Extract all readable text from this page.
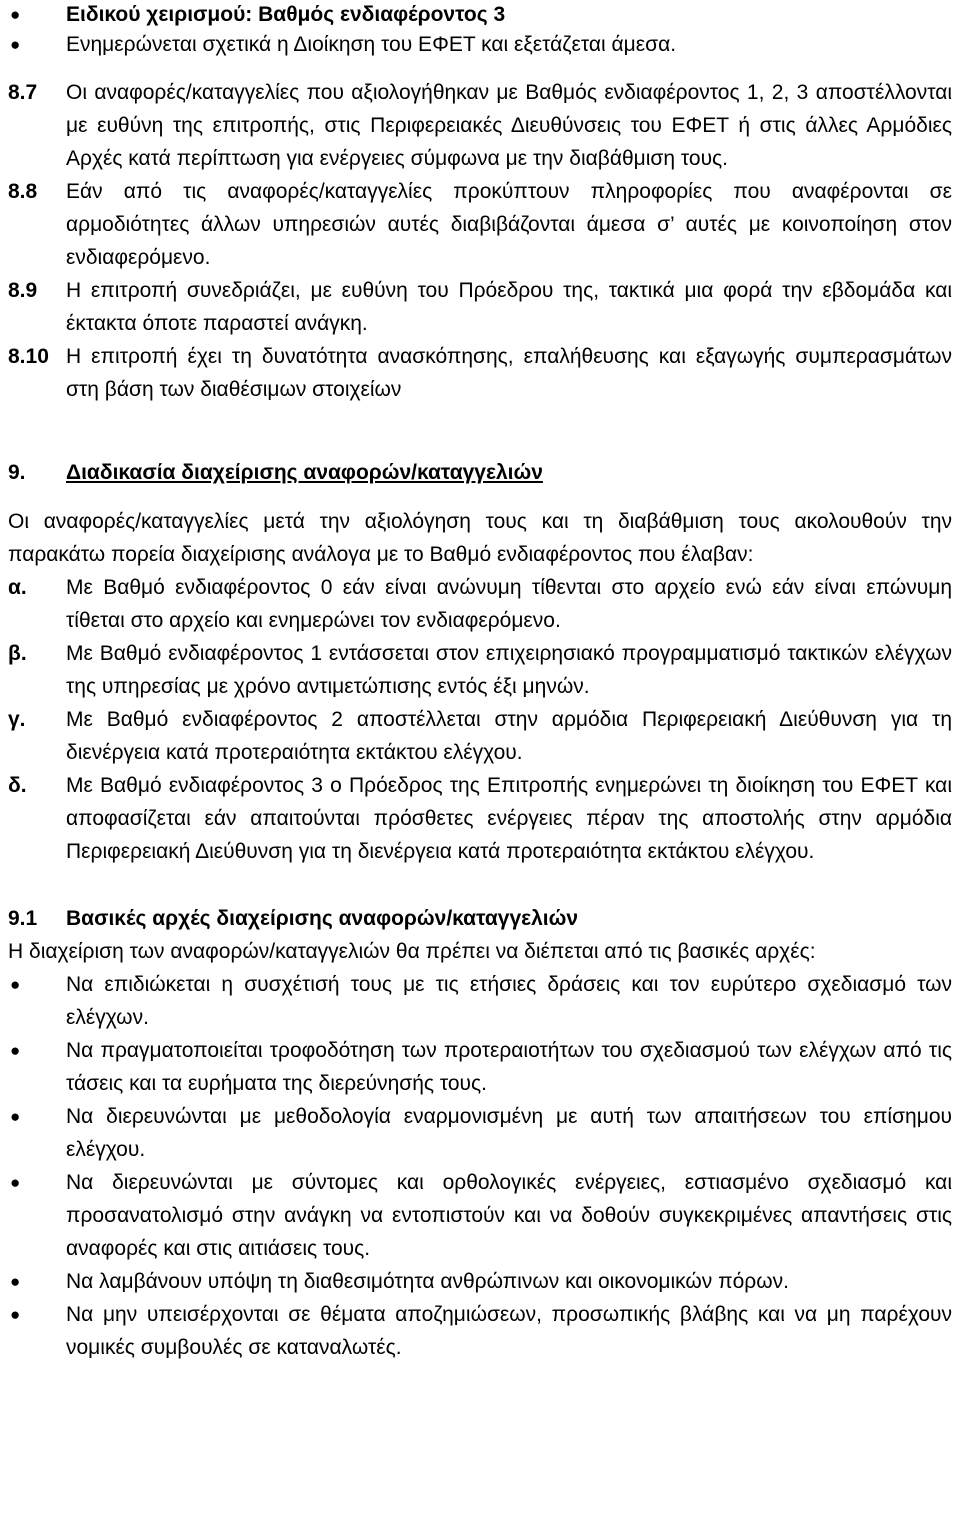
●	Ειδικού χειρισμού: Βαθμός ενδιαφέροντος 3
●	Ενημερώνεται σχετικά η Διοίκηση του ΕΦΕΤ και εξετάζεται άμεσα.
8.7	Οι αναφορές/καταγγελίες που αξιολογήθηκαν με Βαθμός ενδιαφέροντος 1, 2, 3 αποστέλλονται με ευθύνη της επιτροπής, στις Περιφερειακές Διευθύνσεις του ΕΦΕΤ ή στις άλλες Αρμόδιες Αρχές κατά περίπτωση για ενέργειες σύμφωνα με την διαβάθμιση τους.
8.8	Εάν από τις αναφορές/καταγγελίες προκύπτουν πληροφορίες που αναφέρονται σε αρμοδιότητες άλλων υπηρεσιών αυτές διαβιβάζονται άμεσα σ’ αυτές με κοινοποίηση στον ενδιαφερόμενο.
8.9	Η επιτροπή συνεδριάζει, με ευθύνη του Πρόεδρου της, τακτικά μια φορά την εβδομάδα και έκτακτα όποτε παραστεί ανάγκη.
8.10 Η επιτροπή έχει τη δυνατότητα ανασκόπησης, επαλήθευσης και εξαγωγής συμπερασμάτων στη βάση των διαθέσιμων στοιχείων
9.	Διαδικασία διαχείρισης αναφορών/καταγγελιών
Οι αναφορές/καταγγελίες μετά την αξιολόγηση τους και τη διαβάθμιση τους ακολουθούν την παρακάτω πορεία διαχείρισης ανάλογα με το Βαθμό ενδιαφέροντος που έλαβαν:
α.	Με Βαθμό ενδιαφέροντος 0 εάν είναι ανώνυμη τίθενται στο αρχείο ενώ εάν είναι επώνυμη τίθεται στο αρχείο και ενημερώνει τον ενδιαφερόμενο.
β.	Με Βαθμό ενδιαφέροντος 1 εντάσσεται στον επιχειρησιακό προγραμματισμό τακτικών ελέγχων της υπηρεσίας με χρόνο αντιμετώπισης εντός έξι μηνών.
γ.	Με Βαθμό ενδιαφέροντος 2 αποστέλλεται στην αρμόδια Περιφερειακή Διεύθυνση για τη διενέργεια κατά προτεραιότητα εκτάκτου ελέγχου.
δ.	Με Βαθμό ενδιαφέροντος 3 ο Πρόεδρος της Επιτροπής ενημερώνει τη διοίκηση του ΕΦΕΤ και αποφασίζεται εάν απαιτούνται πρόσθετες ενέργειες πέραν της αποστολής στην αρμόδια Περιφερειακή Διεύθυνση για τη διενέργεια κατά προτεραιότητα εκτάκτου ελέγχου.
9.1	Βασικές αρχές διαχείρισης αναφορών/καταγγελιών
Η διαχείριση των αναφορών/καταγγελιών θα πρέπει να διέπεται από τις βασικές αρχές:
●	Να επιδιώκεται η συσχέτισή τους με τις ετήσιες δράσεις και τον ευρύτερο σχεδιασμό των ελέγχων.
●	Να πραγματοποιείται τροφοδότηση των προτεραιοτήτων του σχεδιασμού των ελέγχων από τις τάσεις και τα ευρήματα της διερεύνησής τους.
●	Να διερευνώνται με μεθοδολογία εναρμονισμένη με αυτή των απαιτήσεων του επίσημου ελέγχου.
●	Να διερευνώνται με σύντομες και ορθολογικές ενέργειες, εστιασμένο σχεδιασμό και προσανατολισμό στην ανάγκη να εντοπιστούν και να δοθούν συγκεκριμένες απαντήσεις στις αναφορές και στις αιτιάσεις τους.
●	Να λαμβάνουν υπόψη τη διαθεσιμότητα ανθρώπινων και οικονομικών πόρων.
●	Να μην υπεισέρχονται σε θέματα αποζημιώσεων, προσωπικής βλάβης και να μη παρέχουν νομικές συμβουλές σε καταναλωτές.
